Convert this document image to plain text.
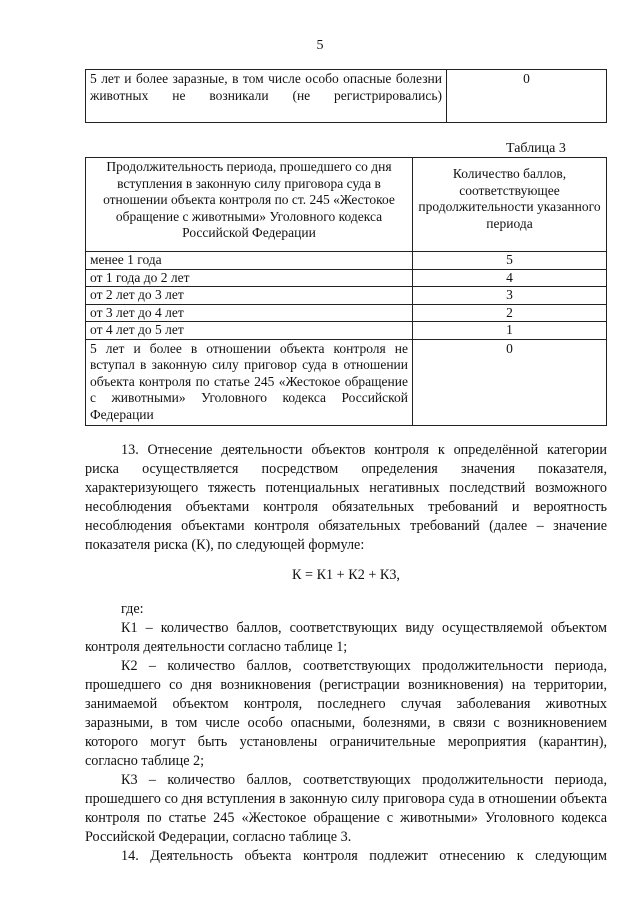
5
5 лет и более заразные, в том числе особо опасные болезни животных не возникали (не регистрировались)	0
Таблица 3
Продолжительность периода, прошедшего со дня вступления в законную силу приговора суда в отношении объекта контроля по ст. 245 «Жестокое обращение с животными» Уголовного кодекса Российской Федерации	Количество баллов, соответствующее продолжительности указанного периода
менее 1 года	5
от 1 года до 2 лет	4
от 2 лет до 3 лет	3
от 3 лет до 4 лет	2
от 4 лет до 5 лет	1
5 лет и более в отношении объекта контроля не вступал в законную силу приговор суда в отношении объекта контроля по статье 245 «Жестокое обращение с животными» Уголовного кодекса Российской Федерации	0

13. Отнесение деятельности объектов контроля к определённой категории риска осуществляется посредством определения значения показателя, характеризующего тяжесть потенциальных негативных последствий возможного несоблюдения объектами контроля обязательных требований и вероятность несоблюдения объектами контроля обязательных требований (далее – значение показателя риска (К), по следующей формуле:

К = К1 + К2 + К3,

где:

К1 – количество баллов, соответствующих виду осуществляемой объектом контроля деятельности согласно таблице 1;

К2 – количество баллов, соответствующих продолжительности периода, прошедшего со дня возникновения (регистрации возникновения) на территории, занимаемой объектом контроля, последнего случая заболевания животных заразными, в том числе особо опасными, болезнями, в связи с возникновением которого могут быть установлены ограничительные мероприятия (карантин), согласно таблице 2;

К3 – количество баллов, соответствующих продолжительности периода, прошедшего со дня вступления в законную силу приговора суда в отношении объекта контроля по статье 245 «Жестокое обращение с животными» Уголовного кодекса Российской Федерации, согласно таблице 3.

14. Деятельность объекта контроля подлежит отнесению к следующим
